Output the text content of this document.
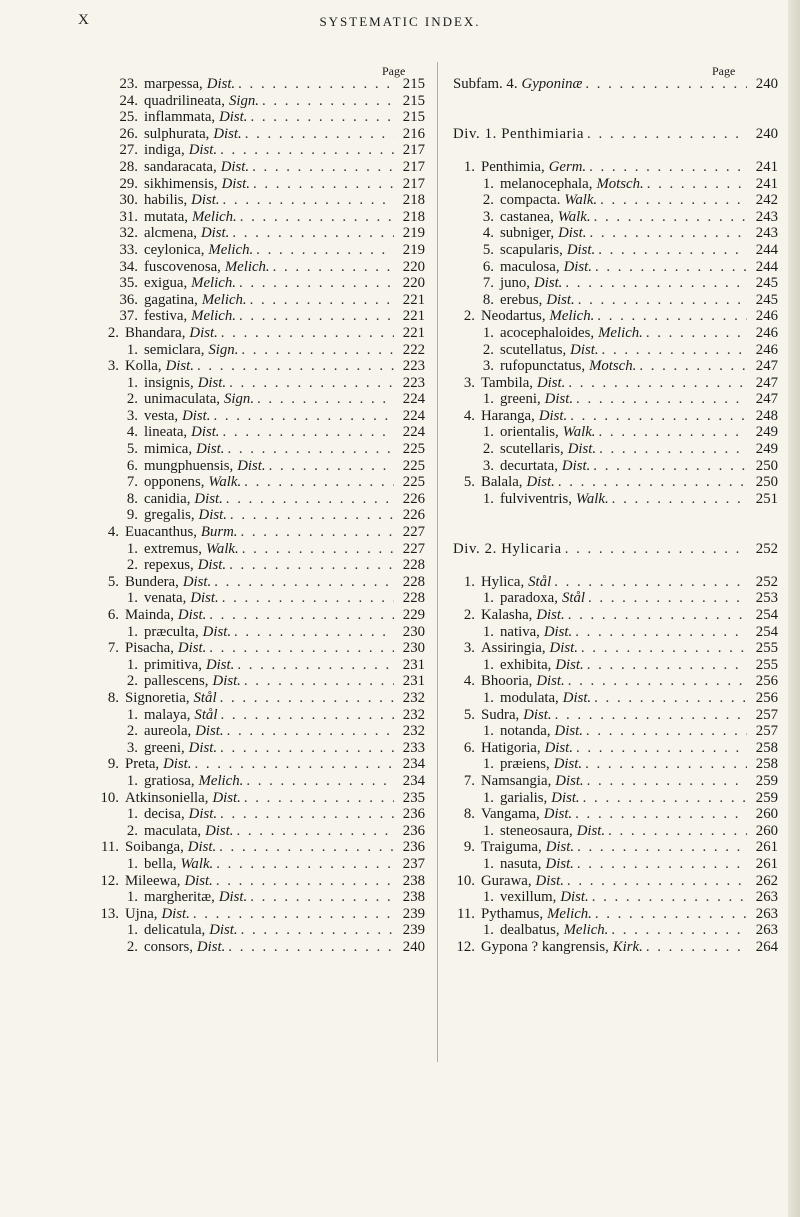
X	SYSTEMATIC INDEX.
Page	Page
23. marpessa, Dist. . . .	215
24. quadrilineata, Sign. . . .	215
25. inflammata, Dist. . . .	215
26. sulphurata, Dist. . . .	216
27. indiga, Dist. . . .	217
28. sandaracata, Dist. . . .	217
29. sikhimensis, Dist. . . .	217
30. habilis, Dist. . . .	218
31. mutata, Melich. . . .	218
32. alcmena, Dist. . . .	219
33. ceylonica, Melich. . . .	219
34. fuscovenosa, Melich. . . .	220
35. exigua, Melich. . . .	220
36. gagatina, Melich. . . .	221
37. festiva, Melich. . . .	221
2. Bhandara, Dist. . . .	221
1. semiclara, Sign. . . .	222
3. Kolla, Dist. . . .	223
1. insignis, Dist. . . .	223
2. unimaculata, Sign. . . .	224
3. vesta, Dist. . . .	224
4. lineata, Dist. . . .	224
5. mimica, Dist. . . .	225
6. mungphuensis, Dist. . . .	225
7. opponens, Walk. . . .	225
8. canidia, Dist. . . .	226
9. gregalis, Dist. . . .	226
4. Euacanthus, Burm. . . .	227
1. extremus, Walk. . . .	227
2. repexus, Dist. . . .	228
5. Bundera, Dist. . . .	228
1. venata, Dist. . . .	228
6. Mainda, Dist. . . .	229
1. præculta, Dist. . . .	230
7. Pisacha, Dist. . . .	230
1. primitiva, Dist. . . .	231
2. pallescens, Dist. . . .	231
8. Signoretia, Stål . . .	232
1. malaya, Stål . . .	232
2. aureola, Dist. . . .	232
3. greeni, Dist. . . .	233
9. Preta, Dist. . . .	234
1. gratiosa, Melich. . . .	234
10. Atkinsoniella, Dist. . . .	235
1. decisa, Dist. . . .	236
2. maculata, Dist. . . .	236
11. Soibanga, Dist. . . .	236
1. bella, Walk. . . .	237
12. Mileewa, Dist. . . .	238
1. margheritæ, Dist. . . .	238
13. Ujna, Dist. . . .	239
1. delicatula, Dist. . . .	239
2. consors, Dist. . . .	240
Subfam. 4. Gyponinæ . . .	240
Div. 1. Penthimiaria . . .	240
1. Penthimia, Germ. . . .	241
1. melanocephala, Motsch. . . .	241
2. compacta. Walk. . . .	242
3. castanea, Walk. . . .	243
4. subniger, Dist. . . .	243
5. scapularis, Dist. . . .	244
6. maculosa, Dist. . . .	244
7. juno, Dist. . . .	245
8. erebus, Dist. . . .	245
2. Neodartus, Melich. . . .	246
1. acocephaloides, Melich. . . .	246
2. scutellatus, Dist. . . .	246
3. rufopunctatus, Motsch. . . .	247
3. Tambila, Dist. . . .	247
1. greeni, Dist. . . .	247
4. Haranga, Dist. . . .	248
1. orientalis, Walk. . . .	249
2. scutellaris, Dist. . . .	249
3. decurtata, Dist. . . .	250
5. Balala, Dist. . . .	250
1. fulviventris, Walk. . . .	251
Div. 2. Hylicaria . . .	252
1. Hylica, Stål . . .	252
1. paradoxa, Stål . . .	253
2. Kalasha, Dist. . . .	254
1. nativa, Dist. . . .	254
3. Assiringia, Dist. . . .	255
1. exhibita, Dist. . . .	255
4. Bhooria, Dist. . . .	256
1. modulata, Dist. . . .	256
5. Sudra, Dist. . . .	257
1. notanda, Dist. . . .	257
6. Hatigoria, Dist. . . .	258
1. præiens, Dist. . . .	258
7. Namsangia, Dist. . . .	259
1. garialis, Dist. . . .	259
8. Vangama, Dist. . . .	260
1. steneosaura, Dist. . . .	260
9. Traiguma, Dist. . . .	261
1. nasuta, Dist. . . .	261
10. Gurawa, Dist. . . .	262
1. vexillum, Dist. . . .	263
11. Pythamus, Melich. . . .	263
1. dealbatus, Melich. . . .	263
12. Gypona ? kangrensis, Kirk. . . .	264
